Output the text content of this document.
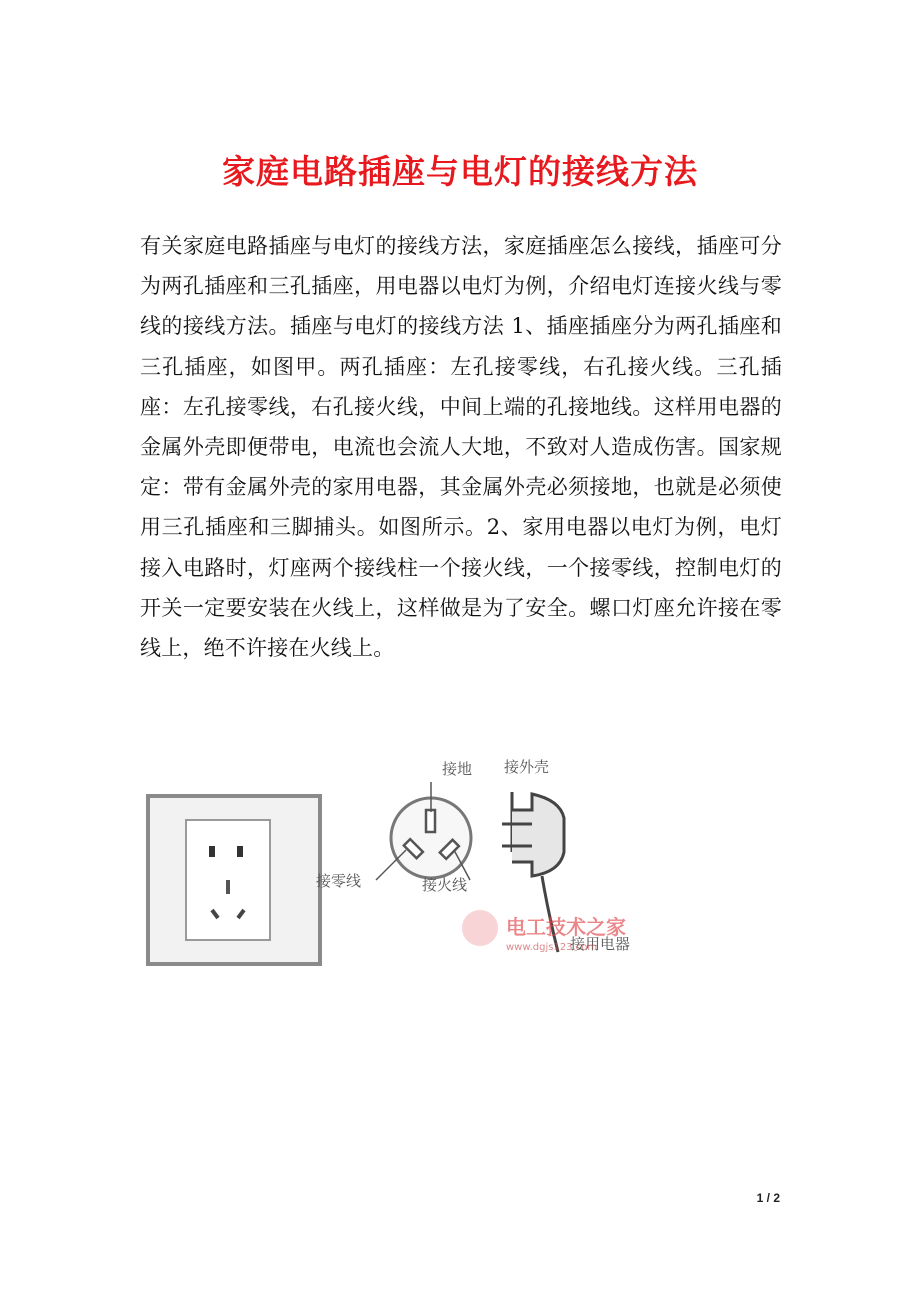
家庭电路插座与电灯的接线方法

有关家庭电路插座与电灯的接线方法，家庭插座怎么接线，插座可分为两孔插座和三孔插座，用电器以电灯为例，介绍电灯连接火线与零线的接线方法。插座与电灯的接线方法 1、插座插座分为两孔插座和三孔插座，如图甲。两孔插座：左孔接零线，右孔接火线。三孔插座：左孔接零线，右孔接火线，中间上端的孔接地线。这样用电器的金属外壳即便带电，电流也会流人大地，不致对人造成伤害。国家规定：带有金属外壳的家用电器，其金属外壳必须接地，也就是必须使用三孔插座和三脚捕头。如图所示。2、家用电器以电灯为例，电灯接入电路时，灯座两个接线柱一个接火线，一个接零线，控制电灯的开关一定要安装在火线上，这样做是为了安全。螺口灯座允许接在零线上，绝不许接在火线上。

接地
接零线	接火线
接外壳
接用电器
电工技术之家
www.dgjs123.com
1 / 2
